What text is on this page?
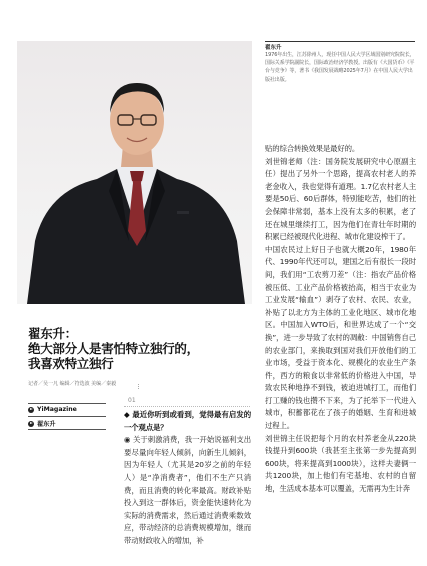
翟东升
1976年出生，江苏徐州人，现任中国人民大学区域国别研究院院长，国际关系学院副院长，国际政治经济学教授。出版有《大国货币》《平台与竞争》等，著书《我国发展战略2025年7月》在中国人民大学出版社出版。
翟东升：
绝大部分人是害怕特立独行的，
我喜欢特立独行
记者／吴一凡 编辑／符选波 美编／秦毅
YiMagazine
翟东升
01

◆ 最近你听到或看到，觉得最有启发的一个观点是？

◉ 关于刺激消费，我一开始说福利支出要尽量向年轻人倾斜，向新生儿倾斜，因为年轻人（尤其是20岁之前的年轻人）是“净消费者”，他们不生产只消费，而且消费的转化率最高。财政补贴投入到这一群体后，资金能快速转化为实际的消费需求，然后通过消费乘数效应，带动经济的总消费规模增加，继而带动财政收入的增加，补

贴的综合转换效果是最好的。

刘世锦老师（注：国务院发展研究中心原副主任）提出了另外一个思路，提高农村老人的养老金收入，我也觉得有道理。1.7亿农村老人主要是50后、60后群体，特别能吃苦，他们的社会保障非常弱，基本上没有太多的积累，老了还在城里继续打工，因为他们在青壮年时期的积累已经被现代化进程、城市化建设榨干了。

中国农民过上好日子也就大概20年，1980年代、1990年代还可以，建国之后有很长一段时间，我们用“工农剪刀差”（注：指农产品价格被压低、工业产品价格被抬高，相当于农业为工业发展“输血”）剥夺了农村、农民、农业，补贴了以北方为主体的工业化地区、城市化地区。中国加入WTO后，和世界达成了一个“交换”，进一步导致了农村的凋敝：中国销售自己的农业部门，来换取到国对我们开放他们的工业市场，受益于资本化、规模化的农业生产条件，西方的粮食以非常低的价格进入中国，导致农民种地挣不到钱，被迫进城打工，而他们打工赚的钱也攒不下来，为了托举下一代进入城市，积蓄都花在了孩子的婚姻、生育和进城过程上。

刘世锦主任说把每个月的农村养老金从220块钱提升到600块（我甚至主张第一步先提高到600块，将来提高到1000块），这样夫妻俩一共1200块，加上他们有宅基地、农村的自留地，生活成本基本可以覆盖，无需再为生计奔
